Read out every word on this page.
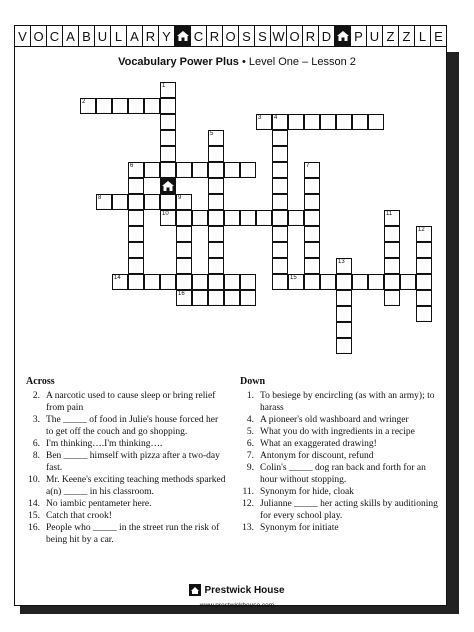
V O C A B U L A R Y	C R O S S W O R D P U Z Z L E
Vocabulary Power Plus • Level One – Lesson 2
1
2
3 4
5
6	7
8	9
10	11
12
13
14	15
16
Across
2. A narcotic used to cause sleep or bring relief from pain
3. The _____ of food in Julie's house forced her to get off the couch and go shopping.
6. I'm thinking….I'm thinking….
8. Ben _____ himself with pizza after a two-day fast.
10. Mr. Keene's exciting teaching methods sparked a(n) _____ in his classroom.
14. No iambic pentameter here.
15. Catch that crook!
16. People who _____ in the street run the risk of being hit by a car.
Down
1. To besiege by encircling (as with an army); to harass
4. A pioneer's old washboard and wringer
5. What you do with ingredients in a recipe
6. What an exaggerated drawing!
7. Antonym for discount, refund
9. Colin's _____ dog ran back and forth for an hour without stopping.
11. Synonym for hide, cloak
12. Julianne _____ her acting skills by auditioning for every school play.
13. Synonym for initiate
Prestwick House
www.prestwickhouse.com
